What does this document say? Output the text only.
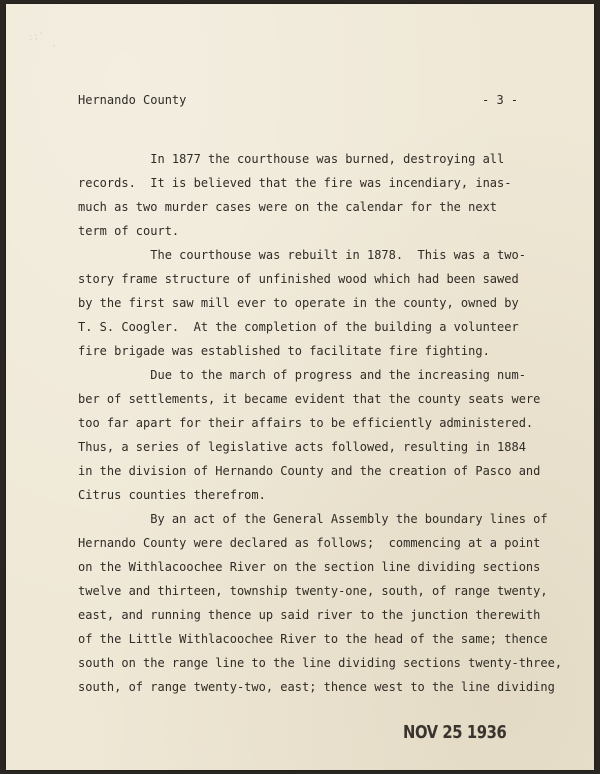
:;'
'
Hernando County	- 3 -
In 1877 the courthouse was burned, destroying all
records.  It is believed that the fire was incendiary, inas-
much as two murder cases were on the calendar for the next
term of court.
The courthouse was rebuilt in 1878.  This was a two-
story frame structure of unfinished wood which had been sawed
by the first saw mill ever to operate in the county, owned by
T. S. Coogler.  At the completion of the building a volunteer
fire brigade was established to facilitate fire fighting.
Due to the march of progress and the increasing num-
ber of settlements, it became evident that the county seats were
too far apart for their affairs to be efficiently administered.
Thus, a series of legislative acts followed, resulting in 1884
in the division of Hernando County and the creation of Pasco and
Citrus counties therefrom.
By an act of the General Assembly the boundary lines of
Hernando County were declared as follows;  commencing at a point
on the Withlacoochee River on the section line dividing sections
twelve and thirteen, township twenty-one, south, of range twenty,
east, and running thence up said river to the junction therewith
of the Little Withlacoochee River to the head of the same; thence
south on the range line to the line dividing sections twenty-three,
south, of range twenty-two, east; thence west to the line dividing
NOV 25 1936
